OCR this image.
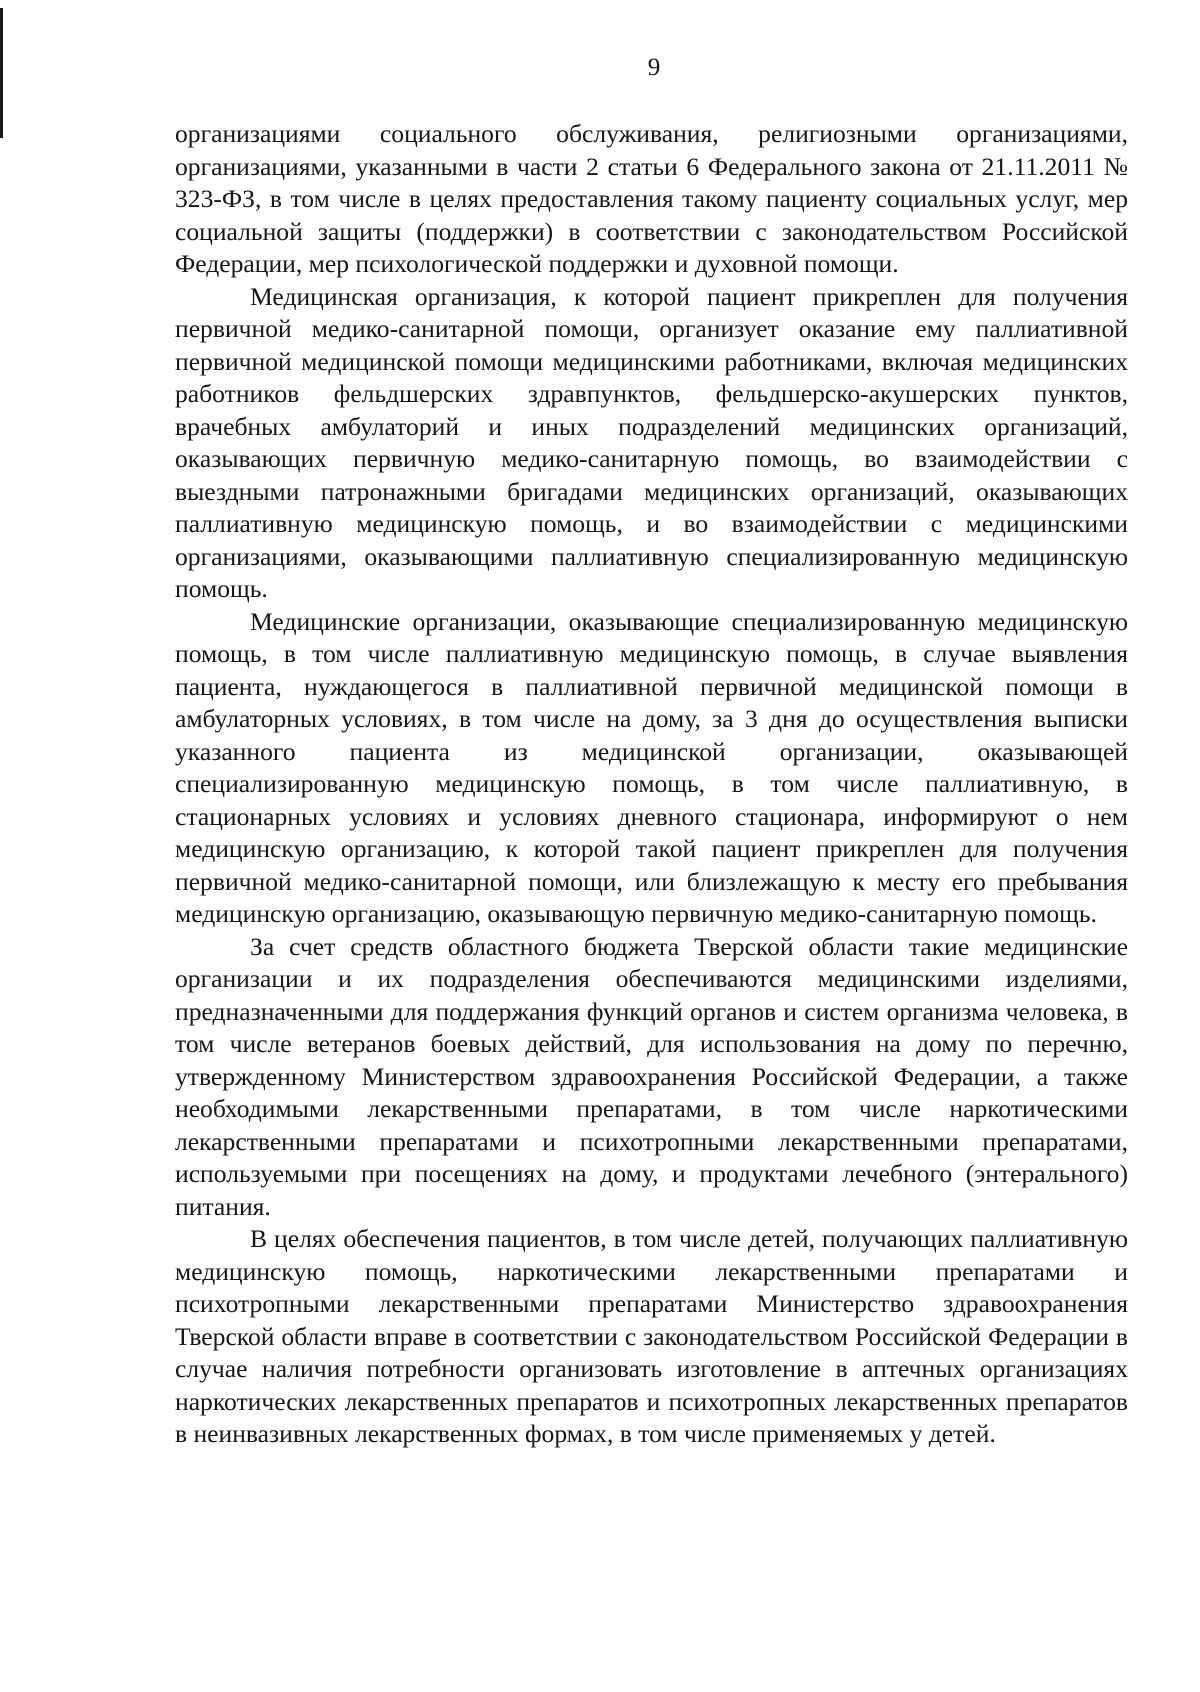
9

организациями социального обслуживания, религиозными организациями, организациями, указанными в части 2 статьи 6 Федерального закона от 21.11.2011 № 323-ФЗ, в том числе в целях предоставления такому пациенту социальных услуг, мер социальной защиты (поддержки) в соответствии с законодательством Российской Федерации, мер психологической поддержки и духовной помощи.

Медицинская организация, к которой пациент прикреплен для получения первичной медико-санитарной помощи, организует оказание ему паллиативной первичной медицинской помощи медицинскими работниками, включая медицинских работников фельдшерских здравпунктов, фельдшерско-акушерских пунктов, врачебных амбулаторий и иных подразделений медицинских организаций, оказывающих первичную медико-санитарную помощь, во взаимодействии с выездными патронажными бригадами медицинских организаций, оказывающих паллиативную медицинскую помощь, и во взаимодействии с медицинскими организациями, оказывающими паллиативную специализированную медицинскую помощь.

Медицинские организации, оказывающие специализированную медицинскую помощь, в том числе паллиативную медицинскую помощь, в случае выявления пациента, нуждающегося в паллиативной первичной медицинской помощи в амбулаторных условиях, в том числе на дому, за 3 дня до осуществления выписки указанного пациента из медицинской организации, оказывающей специализированную медицинскую помощь, в том числе паллиативную, в стационарных условиях и условиях дневного стационара, информируют о нем медицинскую организацию, к которой такой пациент прикреплен для получения первичной медико-санитарной помощи, или близлежащую к месту его пребывания медицинскую организацию, оказывающую первичную медико-санитарную помощь.

За счет средств областного бюджета Тверской области такие медицинские организации и их подразделения обеспечиваются медицинскими изделиями, предназначенными для поддержания функций органов и систем организма человека, в том числе ветеранов боевых действий, для использования на дому по перечню, утвержденному Министерством здравоохранения Российской Федерации, а также необходимыми лекарственными препаратами, в том числе наркотическими лекарственными препаратами и психотропными лекарственными препаратами, используемыми при посещениях на дому, и продуктами лечебного (энтерального) питания.

В целях обеспечения пациентов, в том числе детей, получающих паллиативную медицинскую помощь, наркотическими лекарственными препаратами и психотропными лекарственными препаратами Министерство здравоохранения Тверской области вправе в соответствии с законодательством Российской Федерации в случае наличия потребности организовать изготовление в аптечных организациях наркотических лекарственных препаратов и психотропных лекарственных препаратов в неинвазивных лекарственных формах, в том числе применяемых у детей.
